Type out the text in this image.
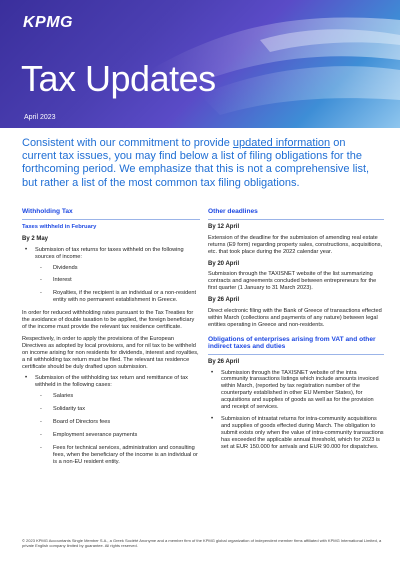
KPMG
Tax Updates
April 2023
Consistent with our commitment to provide updated information on current tax issues, you may find below a list of filing obligations for the forthcoming period. We emphasize that this is not a comprehensive list, but rather a list of the most common tax filing obligations.
Withholding Tax
Taxes withheld in February
By 2 May
• Submission of tax returns for taxes withheld on the following sources of income:
- Dividends
- Interest
- Royalties, if the recipient is an individual or a non-resident entity with no permanent establishment in Greece.

In order for reduced withholding rates pursuant to the Tax Treaties for the avoidance of double taxation to be applied, the foreign beneficiary of the income must provide the relevant tax residence certificate.

Respectively, in order to apply the provisions of the European Directives as adopted by local provisions, and for nil tax to be withheld on income arising for non residents for dividends, interest and royalties, a nil withholding tax return must be filed. The relevant tax residence certificate should be duly drafted upon submission.

• Submission of the withholding tax return and remittance of tax withheld in the following cases:
- Salaries
- Solidarity tax
- Board of Directors fees
- Employment severance payments
- Fees for technical services, administration and consulting fees, when the beneficiary of the income is an individual or is a non-EU resident entity.
Other deadlines
By 12 April

Extension of the deadline for the submission of amending real estate returns (E9 form) regarding property sales, constructions, acquisitions, etc. that took place during the 2022 calendar year.

By 20 April

Submission through the TAXISNET website of the list summarizing contracts and agreements concluded between entrepreneurs for the first quarter (1 January to 31 March 2023).

By 26 April

Direct electronic filing with the Bank of Greece of transactions effected within March (collections and payments of any nature) between legal entities operating in Greece and non-residents.

Obligations of enterprises arising from VAT and other indirect taxes and duties
By 26 April
• Submission through the TAXISNET website of the intra community transactions listings which include amounts invoiced within March, (reported by tax registration number of the counterparty established in other EU Member States), for acquisitions and supplies of goods as well as for the provision and receipt of services.
• Submission of intrastat returns for intra-community acquisitions and supplies of goods effected during March. The obligation to submit exists only when the value of intra-community transactions has exceeded the applicable annual threshold, which for 2023 is set at EUR 150.000 for arrivals and EUR 90.000 for dispatches.
© 2023 KPMG Accountants Single Member S.A., a Greek Société Anonyme and a member firm of the KPMG global organization of independent member firms affiliated with KPMG International Limited, a private English company limited by guarantee. All rights reserved.
